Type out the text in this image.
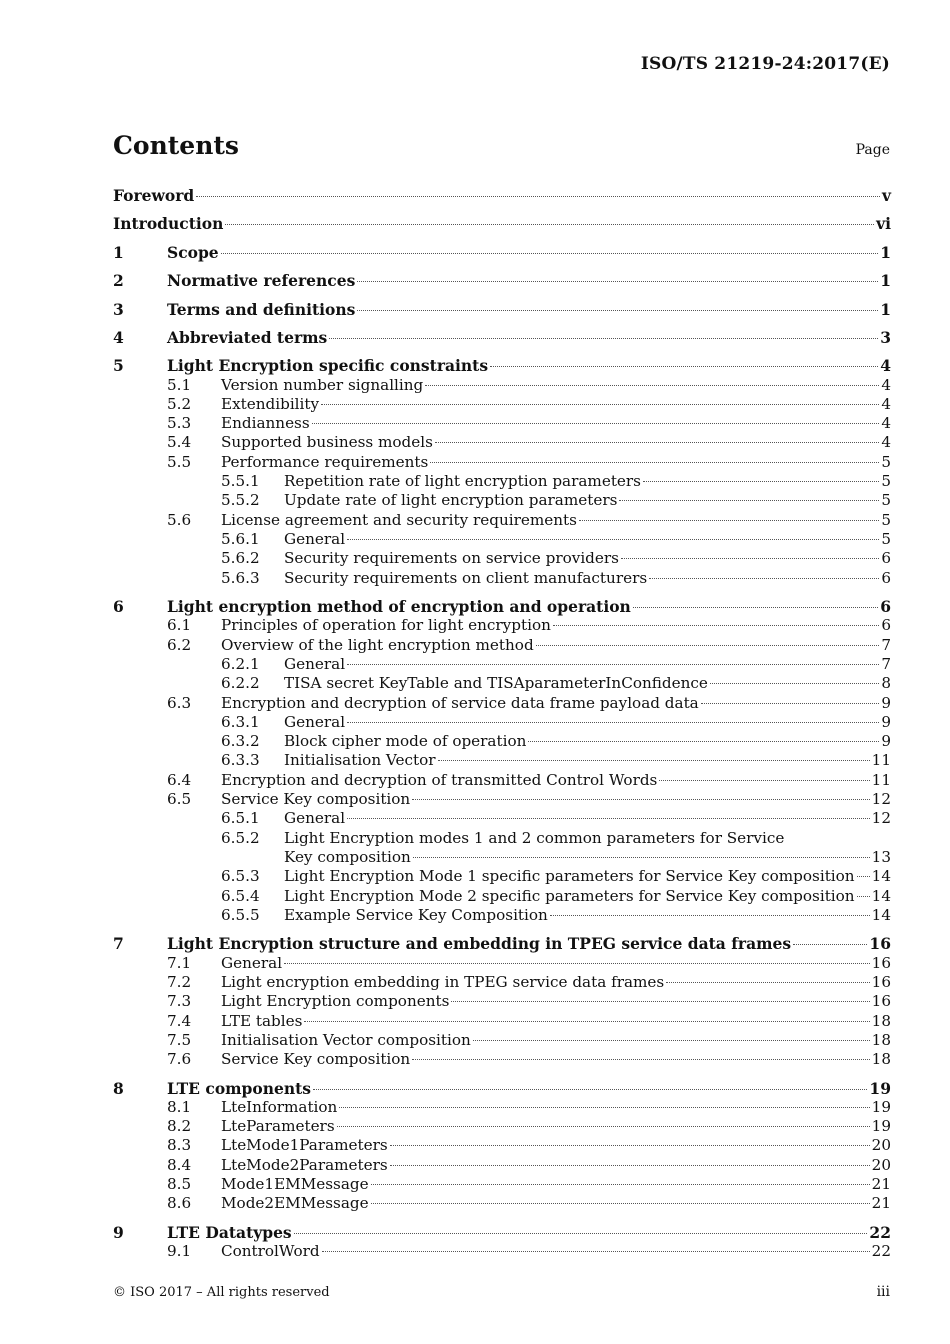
ISO/TS 21219-24:2017(E)
Contents	Page
Foreword	v
Introduction	vi
1	Scope	1
2	Normative references	1
3	Terms and definitions	1
4	Abbreviated terms	3
5	Light Encryption specific constraints	4
5.1	Version number signalling	4
5.2	Extendibility	4
5.3	Endianness	4
5.4	Supported business models	4
5.5	Performance requirements	5
5.5.1	Repetition rate of light encryption parameters	5
5.5.2	Update rate of light encryption parameters	5
5.6	License agreement and security requirements	5
5.6.1	General	5
5.6.2	Security requirements on service providers	6
5.6.3	Security requirements on client manufacturers	6
6	Light encryption method of encryption and operation	6
6.1	Principles of operation for light encryption	6
6.2	Overview of the light encryption method	7
6.2.1	General	7
6.2.2	TISA secret KeyTable and TISAparameterInConfidence	8
6.3	Encryption and decryption of service data frame payload data	9
6.3.1	General	9
6.3.2	Block cipher mode of operation	9
6.3.3	Initialisation Vector	11
6.4	Encryption and decryption of transmitted Control Words	11
6.5	Service Key composition	12
6.5.1	General	12
6.5.2	Light Encryption modes 1 and 2 common parameters for Service
Key composition	13
6.5.3	Light Encryption Mode 1 specific parameters for Service Key composition 14
6.5.4	Light Encryption Mode 2 specific parameters for Service Key composition 14
6.5.5	Example Service Key Composition	14
7	Light Encryption structure and embedding in TPEG service data frames	16
7.1	General	16
7.2	Light encryption embedding in TPEG service data frames	16
7.3	Light Encryption components	16
7.4	LTE tables	18
7.5	Initialisation Vector composition	18
7.6	Service Key composition	18
8	LTE components	19
8.1	LteInformation	19
8.2	LteParameters	19
8.3	LteMode1Parameters	20
8.4	LteMode2Parameters	20
8.5	Mode1EMMessage	21
8.6	Mode2EMMessage	21
9	LTE Datatypes	22
9.1	ControlWord	22
© ISO 2017 – All rights reserved	iii
